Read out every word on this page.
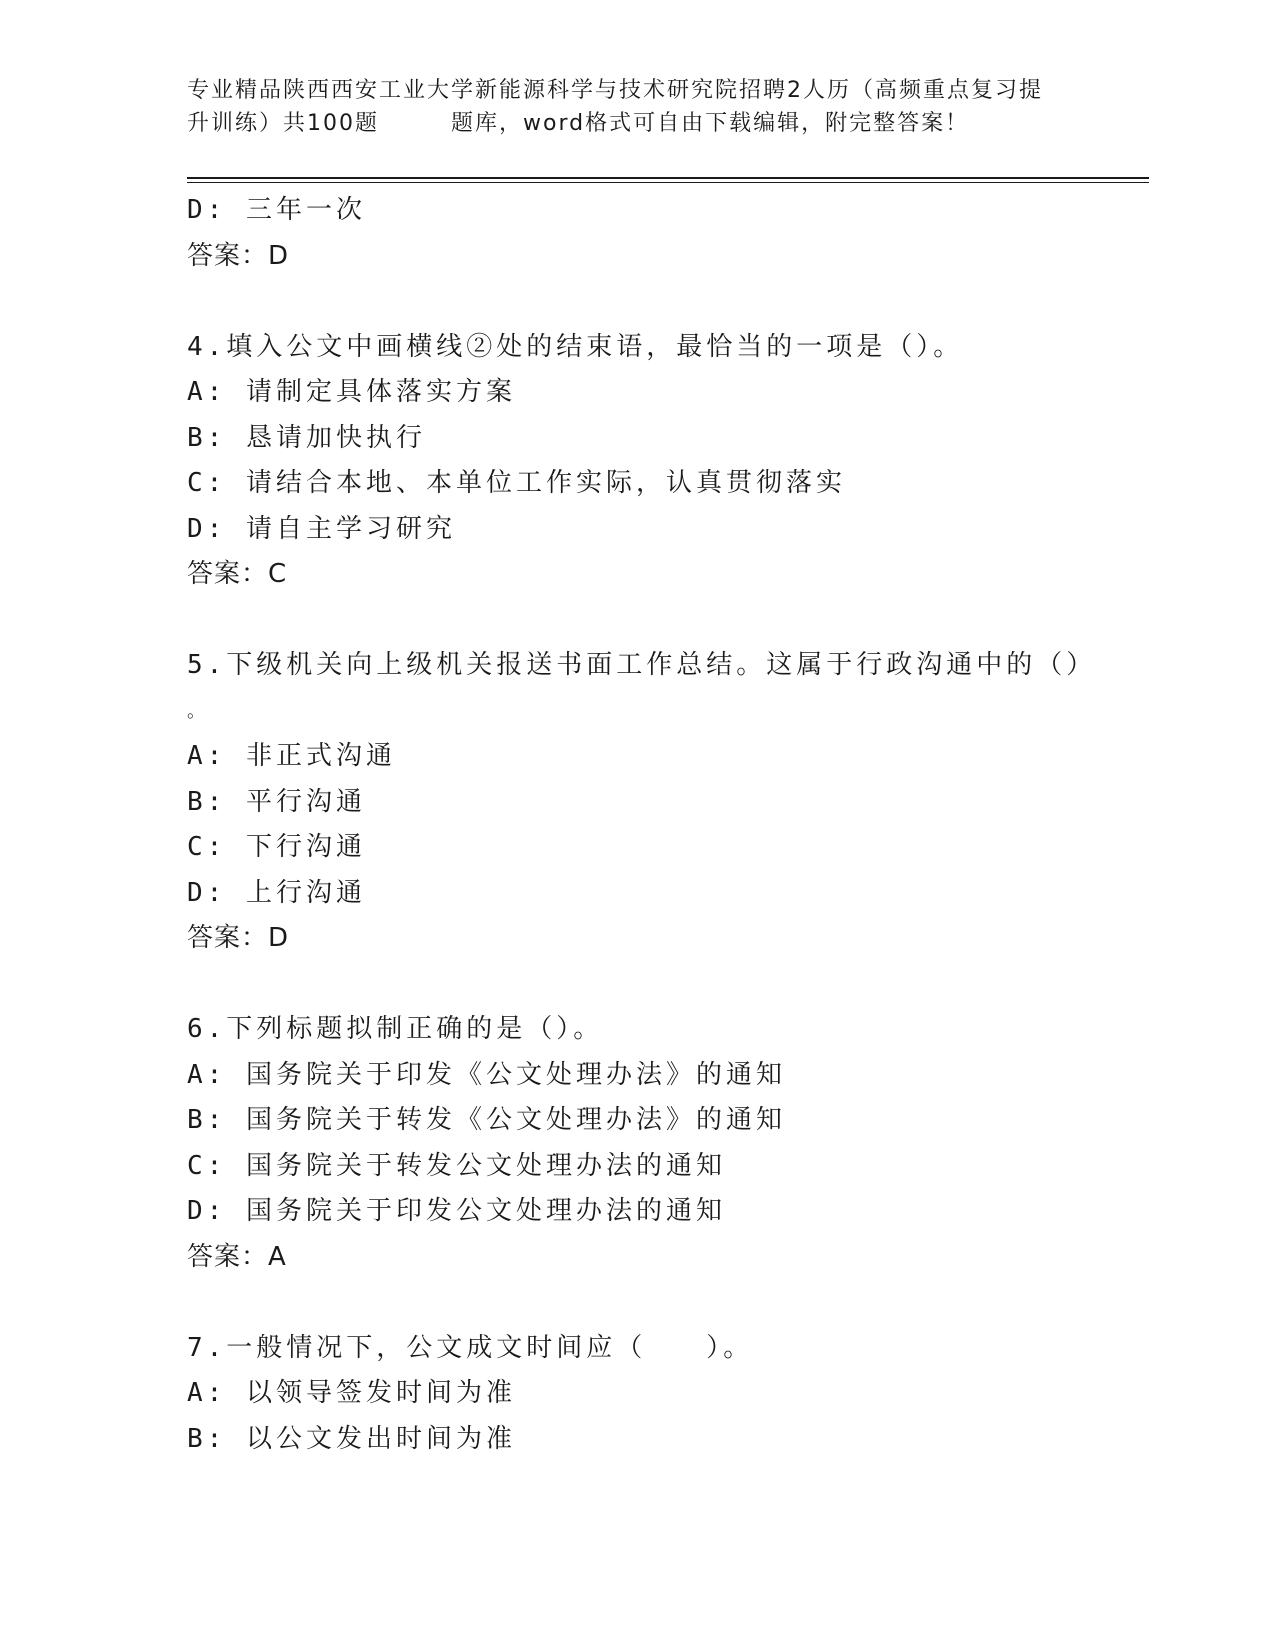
专业精品陕西西安工业大学新能源科学与技术研究院招聘2人历（高频重点复习提
升训练）共100题　　　题库，word格式可自由下载编辑，附完整答案！
D: 三年一次
答案：D
4.填入公文中画横线②处的结束语，最恰当的一项是（）。
A: 请制定具体落实方案
B: 恳请加快执行
C: 请结合本地、本单位工作实际，认真贯彻落实
D: 请自主学习研究
答案：C
5.下级机关向上级机关报送书面工作总结。这属于行政沟通中的（）
。
A: 非正式沟通
B: 平行沟通
C: 下行沟通
D: 上行沟通
答案：D
6.下列标题拟制正确的是（）。
A: 国务院关于印发《公文处理办法》的通知
B: 国务院关于转发《公文处理办法》的通知
C: 国务院关于转发公文处理办法的通知
D: 国务院关于印发公文处理办法的通知
答案：A
7.一般情况下，公文成文时间应（　　）。
A: 以领导签发时间为准
B: 以公文发出时间为准
